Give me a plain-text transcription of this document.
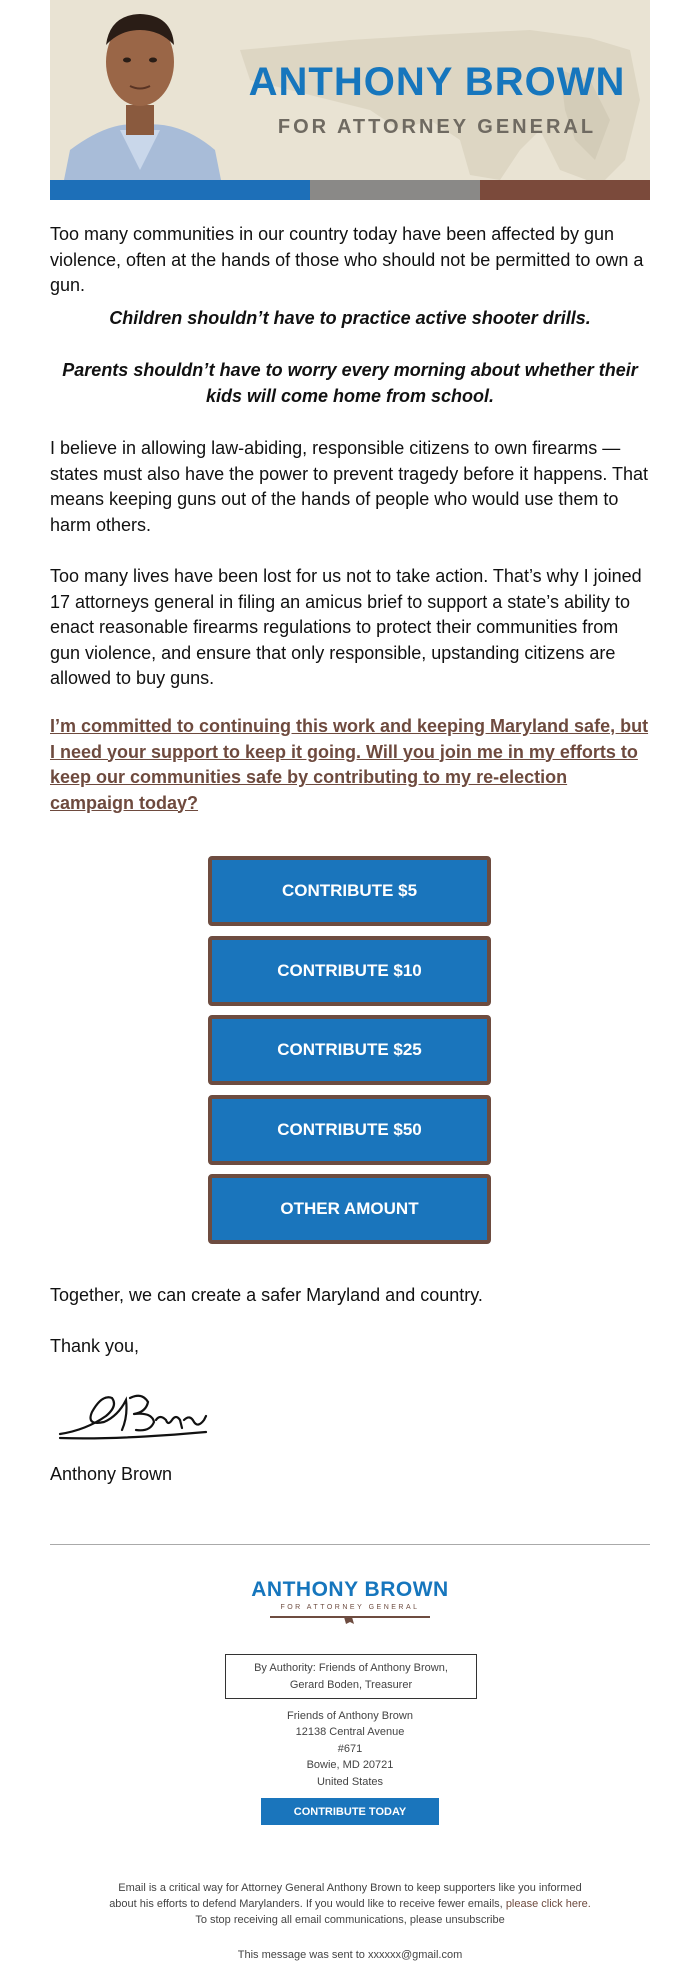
ANTHONY BROWN
FOR ATTORNEY GENERAL

Too many communities in our country today have been affected by gun violence, often at the hands of those who should not be permitted to own a gun.

Children shouldn’t have to practice active shooter drills.

Parents shouldn’t have to worry every morning about whether their kids will come home from school.

I believe in allowing law-abiding, responsible citizens to own firearms — states must also have the power to prevent tragedy before it happens. That means keeping guns out of the hands of people who would use them to harm others.

Too many lives have been lost for us not to take action. That’s why I joined 17 attorneys general in filing an amicus brief to support a state’s ability to enact reasonable firearms regulations to protect their communities from gun violence, and ensure that only responsible, upstanding citizens are allowed to buy guns.

I’m committed to continuing this work and keeping Maryland safe, but I need your support to keep it going. Will you join me in my efforts to keep our communities safe by contributing to my re-election campaign today?
CONTRIBUTE $5
CONTRIBUTE $10
CONTRIBUTE $25
CONTRIBUTE $50
OTHER AMOUNT

Together, we can create a safer Maryland and country.

Thank you,

Anthony Brown

ANTHONY BROWN
FOR ATTORNEY GENERAL
By Authority: Friends of Anthony Brown,
Gerard Boden, Treasurer
Friends of Anthony Brown
12138 Central Avenue
#671
Bowie, MD 20721
United States
CONTRIBUTE TODAY
Email is a critical way for Attorney General Anthony Brown to keep supporters like you informed
about his efforts to defend Marylanders. If you would like to receive fewer emails, please click here.
To stop receiving all email communications, please unsubscribe
This message was sent to xxxxxx@gmail.com
